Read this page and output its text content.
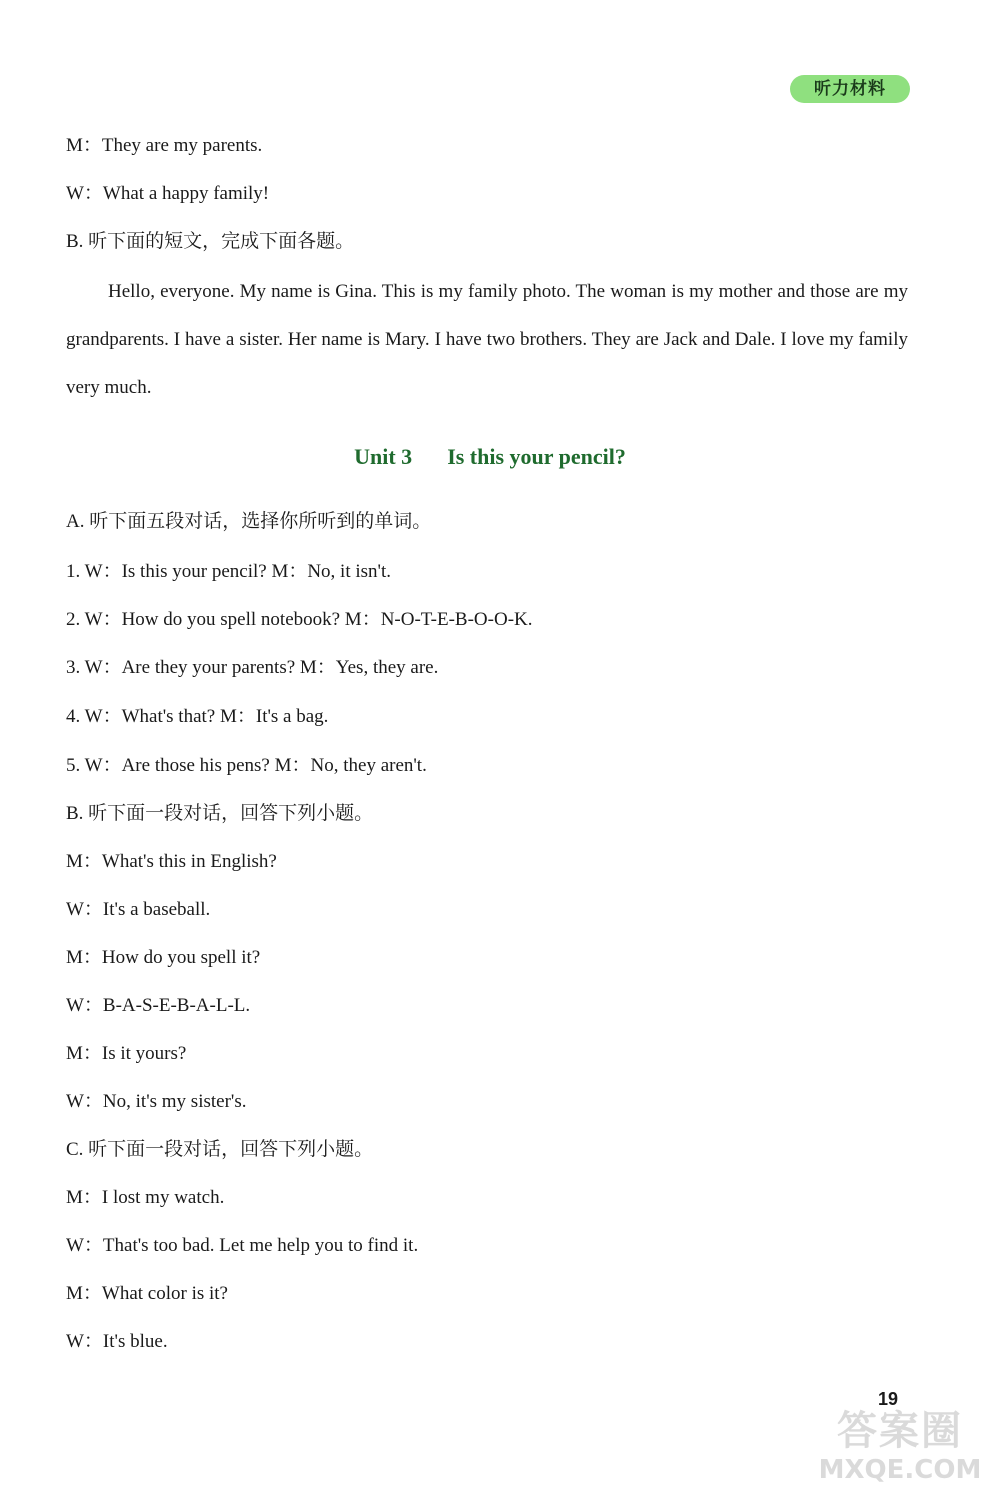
听力材料
M：They are my parents.
W：What a happy family!
B. 听下面的短文，完成下面各题。
Hello, everyone. My name is Gina. This is my family photo. The woman is my mother and those are my grandparents. I have a sister. Her name is Mary. I have two brothers. They are Jack and Dale. I love my family very much.
Unit 3 Is this your pencil?
A. 听下面五段对话，选择你所听到的单词。
1. W：Is this your pencil? M：No, it isn't.
2. W：How do you spell notebook? M：N-O-T-E-B-O-O-K.
3. W：Are they your parents? M：Yes, they are.
4. W：What's that? M：It's a bag.
5. W：Are those his pens? M：No, they aren't.
B. 听下面一段对话，回答下列小题。
M：What's this in English?
W：It's a baseball.
M：How do you spell it?
W：B-A-S-E-B-A-L-L.
M：Is it yours?
W：No, it's my sister's.
C. 听下面一段对话，回答下列小题。
M：I lost my watch.
W：That's too bad. Let me help you to find it.
M：What color is it?
W：It's blue.
19
答案圈
MXQE.COM
